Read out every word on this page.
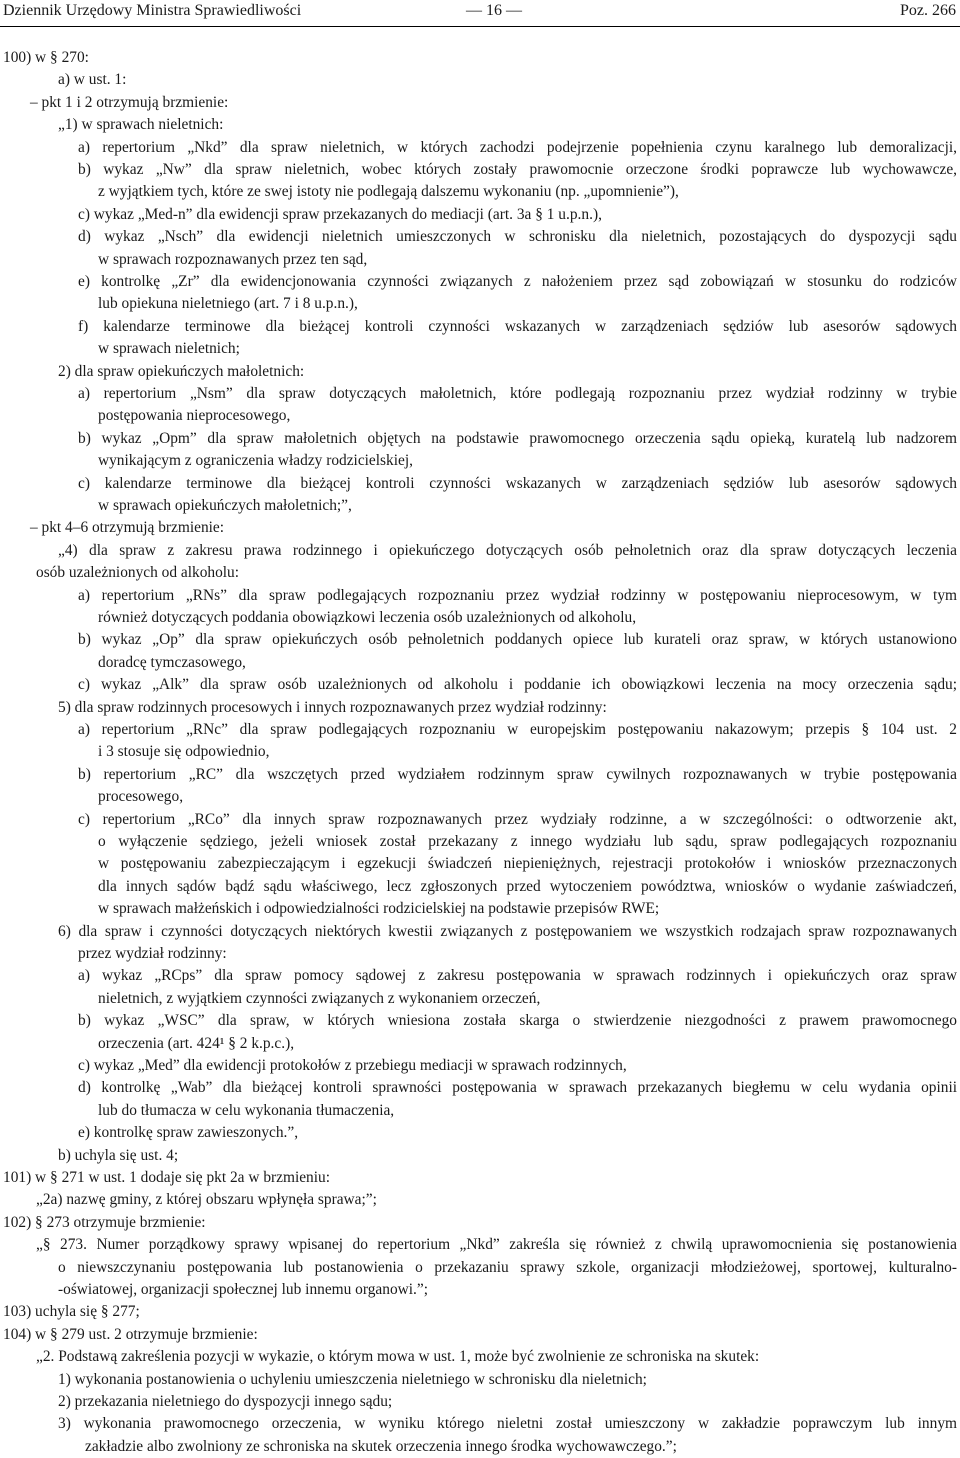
Dziennik Urzędowy Ministra Sprawiedliwości	— 16 —	Poz. 266
100) w § 270:
a) w ust. 1:
– pkt 1 i 2 otrzymują brzmienie:
„1) w sprawach nieletnich:
a) repertorium „Nkd” dla spraw nieletnich, w których zachodzi podejrzenie popełnienia czynu karalnego lub demoralizacji,
b) wykaz „Nw” dla spraw nieletnich, wobec których zostały prawomocnie orzeczone środki poprawcze lub wychowawcze,
z wyjątkiem tych, które ze swej istoty nie podlegają dalszemu wykonaniu (np. „upomnienie”),
c) wykaz „Med-n” dla ewidencji spraw przekazanych do mediacji (art. 3a § 1 u.p.n.),
d) wykaz „Nsch” dla ewidencji nieletnich umieszczonych w schronisku dla nieletnich, pozostających do dyspozycji sądu
w sprawach rozpoznawanych przez ten sąd,
e) kontrolkę „Zr” dla ewidencjonowania czynności związanych z nałożeniem przez sąd zobowiązań w stosunku do rodziców
lub opiekuna nieletniego (art. 7 i 8 u.p.n.),
f) kalendarze terminowe dla bieżącej kontroli czynności wskazanych w zarządzeniach sędziów lub asesorów sądowych
w sprawach nieletnich;
2) dla spraw opiekuńczych małoletnich:
a) repertorium „Nsm” dla spraw dotyczących małoletnich, które podlegają rozpoznaniu przez wydział rodzinny w trybie
postępowania nieprocesowego,
b) wykaz „Opm” dla spraw małoletnich objętych na podstawie prawomocnego orzeczenia sądu opieką, kuratelą lub nadzorem
wynikającym z ograniczenia władzy rodzicielskiej,
c) kalendarze terminowe dla bieżącej kontroli czynności wskazanych w zarządzeniach sędziów lub asesorów sądowych
w sprawach opiekuńczych małoletnich;”,
– pkt 4–6 otrzymują brzmienie:
„4) dla spraw z zakresu prawa rodzinnego i opiekuńczego dotyczących osób pełnoletnich oraz dla spraw dotyczących leczenia
osób uzależnionych od alkoholu:
a) repertorium „RNs” dla spraw podlegających rozpoznaniu przez wydział rodzinny w postępowaniu nieprocesowym, w tym
również dotyczących poddania obowiązkowi leczenia osób uzależnionych od alkoholu,
b) wykaz „Op” dla spraw opiekuńczych osób pełnoletnich poddanych opiece lub kurateli oraz spraw, w których ustanowiono
doradcę tymczasowego,
c) wykaz „Alk” dla spraw osób uzależnionych od alkoholu i poddanie ich obowiązkowi leczenia na mocy orzeczenia sądu;
5) dla spraw rodzinnych procesowych i innych rozpoznawanych przez wydział rodzinny:
a) repertorium „RNc” dla spraw podlegających rozpoznaniu w europejskim postępowaniu nakazowym; przepis § 104 ust. 2
i 3 stosuje się odpowiednio,
b) repertorium „RC” dla wszczętych przed wydziałem rodzinnym spraw cywilnych rozpoznawanych w trybie postępowania
procesowego,
c) repertorium „RCo” dla innych spraw rozpoznawanych przez wydziały rodzinne, a w szczególności: o odtworzenie akt,
o wyłączenie sędziego, jeżeli wniosek został przekazany z innego wydziału lub sądu, spraw podlegających rozpoznaniu
w postępowaniu zabezpieczającym i egzekucji świadczeń niepieniężnych, rejestracji protokołów i wniosków przeznaczonych
dla innych sądów bądź sądu właściwego, lecz zgłoszonych przed wytoczeniem powództwa, wniosków o wydanie zaświadczeń,
w sprawach małżeńskich i odpowiedzialności rodzicielskiej na podstawie przepisów RWE;
6) dla spraw i czynności dotyczących niektórych kwestii związanych z postępowaniem we wszystkich rodzajach spraw rozpoznawanych
przez wydział rodzinny:
a) wykaz „RCps” dla spraw pomocy sądowej z zakresu postępowania w sprawach rodzinnych i opiekuńczych oraz spraw
nieletnich, z wyjątkiem czynności związanych z wykonaniem orzeczeń,
b) wykaz „WSC” dla spraw, w których wniesiona została skarga o stwierdzenie niezgodności z prawem prawomocnego
orzeczenia (art. 424¹ § 2 k.p.c.),
c) wykaz „Med” dla ewidencji protokołów z przebiegu mediacji w sprawach rodzinnych,
d) kontrolkę „Wab” dla bieżącej kontroli sprawności postępowania w sprawach przekazanych biegłemu w celu wydania opinii
lub do tłumacza w celu wykonania tłumaczenia,
e) kontrolkę spraw zawieszonych.”,
b) uchyla się ust. 4;
101) w § 271 w ust. 1 dodaje się pkt 2a w brzmieniu:
„2a) nazwę gminy, z której obszaru wpłynęła sprawa;”;
102) § 273 otrzymuje brzmienie:
„§ 273. Numer porządkowy sprawy wpisanej do repertorium „Nkd” zakreśla się również z chwilą uprawomocnienia się postanowienia
o niewszczynaniu postępowania lub postanowienia o przekazaniu sprawy szkole, organizacji młodzieżowej, sportowej, kulturalno-
-oświatowej, organizacji społecznej lub innemu organowi.”;
103) uchyla się § 277;
104) w § 279 ust. 2 otrzymuje brzmienie:
„2. Podstawą zakreślenia pozycji w wykazie, o którym mowa w ust. 1, może być zwolnienie ze schroniska na skutek:
1) wykonania postanowienia o uchyleniu umieszczenia nieletniego w schronisku dla nieletnich;
2) przekazania nieletniego do dyspozycji innego sądu;
3) wykonania prawomocnego orzeczenia, w wyniku którego nieletni został umieszczony w zakładzie poprawczym lub innym
zakładzie albo zwolniony ze schroniska na skutek orzeczenia innego środka wychowawczego.”;
